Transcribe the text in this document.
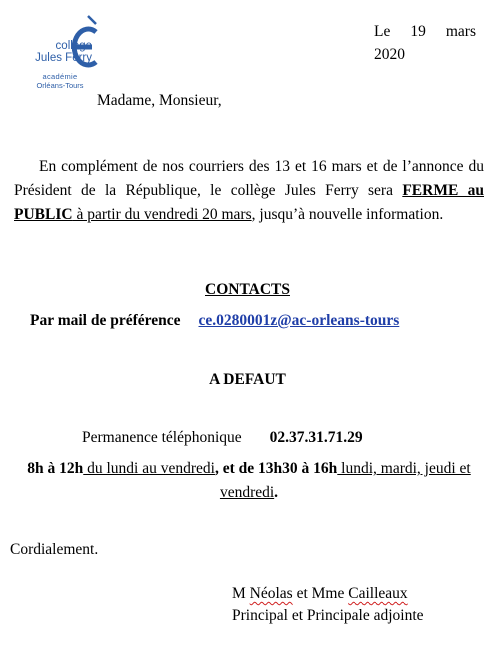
collège
Jules Ferry
académie
Orléans-Tours
Le 19 mars
2020
Madame, Monsieur,

En complément de nos courriers des 13 et 16 mars et de l’annonce du Président de la République, le collège Jules Ferry sera FERME au PUBLIC à partir du vendredi 20 mars, jusqu’à nouvelle information.

CONTACTS
Par mail de préférence ce.0280001z@ac-orleans-tours
A DEFAUT
Permanence téléphonique 02.37.31.71.29
8h à 12h du lundi au vendredi, et de 13h30 à 16h lundi, mardi, jeudi et vendredi.
Cordialement.
M Néolas et Mme Cailleaux
Principal et Principale adjointe
